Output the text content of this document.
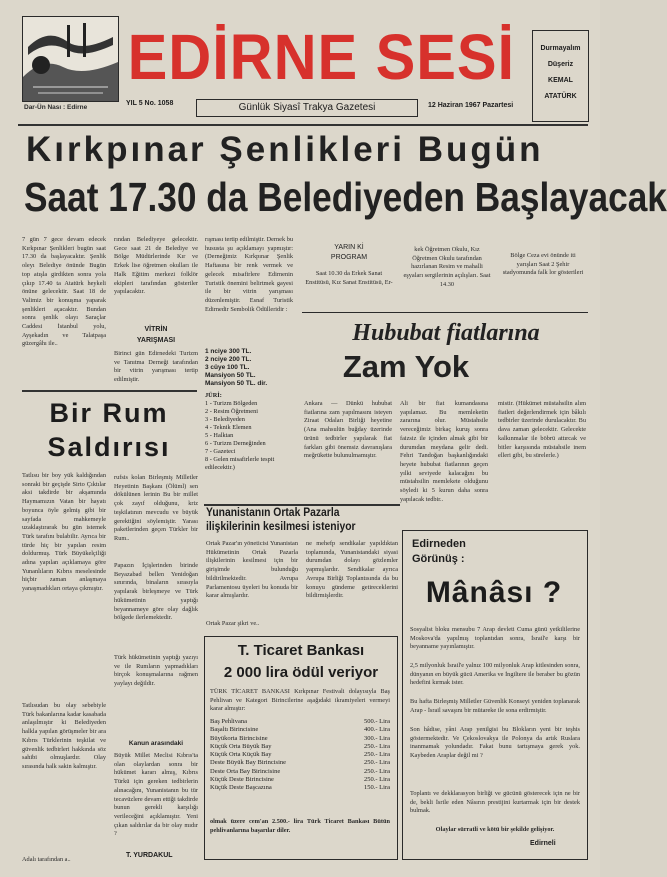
Dar-Ün Nası : Edirne
EDİRNE SESİ	Durmayalım
Düşeriz
KEMAL
ATATÜRK
YIL 5 No. 1058	Günlük Siyasî Trakya Gazetesi	12 Haziran 1967 Pazartesi
Kırkpınar Şenlikleri Bugün
Saat 17.30 da Belediyeden Başlayacak
7 gün 7 gece devam edecek Kırkpınar Şenlikleri bugün saat 17.30 da başlayacaktır. Şenlik oleyı Belediye önünde Bugün top atışla girdikten sonra yola çıkıp 17.40 ta Atatürk heykeli önüne gelecektir. Saat 18 de Valimiz bir konuşma yaparak şenlikleri açacaktır. Bundan sonra şenlik olayı Saraçlar Caddesi İstanbul yolu, Ayşekadın ve Talatpaşa güzergâhı ile..
rından Belediyeye gelecektir. Gece saat 21 de Belediye ve Bölge Müdürlerinde Kır ve Erkek lise öğretmen okulları ile Halk Eğitim merkezi folklör ekipleri tarafından gösteriler yapılacaktır.
VİTRİN
YARIŞMASI
Birinci gün Edirnedeki Turizm ve Tanıtma Derneği tarafından bir vitrin yarışması tertip edilmiştir.
rışması tertip edilmiştir. Dernek bu hususta şu açıklamayı yapmıştır: (Derneğimiz Kırkpınar Şenlik Haftasına bir renk vermek ve gelecek misafirlere Edirnenin Turistik önemini belirtmek gayesi ile bir vitrin yarışması düzenlemiştir. Esnaf Turistik Edirnedir Sembolik Ödülleridir :
1 nciye 300 TL.
2 nciye 200 TL.
3 cüye 100 TL.
Mansiyon 50 TL.
Mansiyon 50 TL. dir.
JÜRİ:
1 - Turizm Bölgeden
2 - Resim Öğretmeni
3 - Belediyeden
4 - Teknik Elemen
5 - Halktan
6 - Turizm Derneğinden
7 - Gazeteci
8 - Gelen misafirlerle tespit edilecektir.)
YARIN Kİ
PROGRAM
Saat 10.30 da Erkek Sanat Enstitüsü, Kız Sanat Enstitüsü, Er-
kek Öğretmen Okulu, Kız Öğretmen Okulu tarafından hazırlanan Resim ve mahalli eşyaları sergilerinin açılışları. Saat 14.30
Bölge Ceza evi önünde iti yarışları Saat 2 Şehir stadyomunda falk lor gösterileri
Hububat fiatlarına
Zam Yok
Ankara — Dünkü hububat fiatlarına zam yapılmasını isteyen Ziraat Odaları Birliği heyetine (Ana mahsulün buğday üzerinde ürünü tedbirler yapılarak fiat farkları gibi önemsiz davranışlara meğrükette bulunulmamıştır.
Ali bir fiat kumandasına yapılamaz. Bu memleketin zararına olur. Müstahsile vereceğimiz birkaç kuruş sonra faizsiz ile içinden almak gibi bir durumdan meydana gelir dedi. Fehri Tandoğan başkanlığındaki heyete hububat fiatlarının geçen yılki seviyede kalacağını bu müstahsilin memlekete olduğunu söyledi ki 5 kurun daha sonra yapılacak tedbir..
mistir. (Hükümet müstahsilin alım fiatleri değerlendirmek için bâkılı tedbirler üzerinde durulacaktır. Bu dava zaman gelecektir. Gelecekte kalkınmalar ile böbrü attırcak ve bitler karşısında müstahsile inem elleri gibi, bu sürelerle.)
Bir Rum
Saldırısı
Tatlısu bir boy yük kaldığından sonraki bir geçişde Sirto Çıktılar aksi takdirde bir akşamında Haymamızın Vatan bir hayatı boyunca öyle gelmiş gibi bir sayfada mahkemeyle uzaklaştırarak bu gün istemek Türk tarafını bulabilir. Ayrıca bir türde hiç bir yapılan resim doldurmuş. Türk Büyükelçiliği adına yapılan açıklamaya göre Yunanlıların Kıbrıs meselesinde hiçbir zaman anlaşmaya yanaşmadıkları ortaya çıkmıştır.
Tatlısudan bu olay sebebiyle Türk bakanlarına kadar kasabada anlaşılmıştır ki Belediyeden halkla yapılan görüşmeler bir ara Kıbrıs Türklerinin teşkilat ve güvenlik tedbirleri hakkında söz sahibi olmuşlardır. Olay sırasında halk sakin kalmıştır.
Adalı tarafından a..
rufsis kolan Birleşmiş Milletler Heyetinin Başkanı (Ölüml) sen dökülünen lerinin Bu bir millet çok zayıf olduğunu, kriz teşkilatının mevcudu ve büyük gerektiğini söylemiştir. Yarası paketlerinden geçen Türkler bir Rum..
Papazın İçişlerinden birinde Beyazabad bellen Yenidoğan sınırında, binaların sırasıyla yapılarak birleşmeye ve Türk hükümetinin yaptığı beyannameye göre olay dağlık bölgede ilerlemektedir.
Türk hükümetinin yaptığı yazıyı ve ile Rumların yapmadıkları birçok konuşmalarına rağmen yaylayı değildir.
Kanun arasındaki
Büyük Millet Meclisi Kıbrıs'ta olan olaylardan sonra bir hükümet kararı almış, Kıbrıs Türkü için gereken tedbirlerin alınacağını, Yunanistanın bu tür tecavüzlere devam ettiği takdirde bunun gerekli karşılığı verileceğini açıklamıştır. Yeni çıkan saldırılar da bir olay mıdır ?
T. YURDAKUL
Yunanistanın Ortak Pazarla ilişkilerinin kesilmesi isteniyor
Ortak Pazar'ın yöneticisi Yunanistan Hükümetinin Ortak Pazarla ilişkilerinin kesilmesi için bir girişimde bulunduğu bildirilmektedir. Avrupa Parlamentosu üyeleri bu konuda bir karar almışlardır.
Ortak Pazar şikri ve..
ne mehefp sendikalar yapıldıktan toplamında, Yunanistandaki siyasi durumdan dolayı gözlemler yapmışlardır. Sendikalar ayrıca Avrupa Birliği Toplantısında da bu konuyu gündeme getireceklerini bildirmişlerdir.
T. Ticaret Bankası
2 000 lira ödül veriyor
TÜRK TİCARET BANKASI Kırkpınar Festivali dolayısıyla Baş Pehlivan ve Kategori Birincilerine aşağıdaki ikramiyeleri vermeyi karar almıştır:
Baş Pehlivana	500.- Lira
Başaltı Birincisine	400.- Lira
Büyükorta Birincisine	300.- Lira
Küçük Orta Büyük Bay	250.- Lira
Küçük Orta Küçük Bay	250.- Lira
Deste Büyük Bay Birincisine	250.- Lira
Deste Orta Bay Birincisine	250.- Lira
Küçük Deste Birincisine	250.- Lira
Küçük Deste Başcazına	150.- Lira
olmak üzere cem'an 2.500.- lira Türk Ticaret Bankası Bütün pehlivanlarına başarılar diler.
Edirneden
Görünüş :
Mânâsı ?
Sosyalist bloku mensubu 7 Arap devleti Cuma günü yetkililerine Moskova'da yapılmış toplantıdan sonra, İsrail'e karşı bir beyanname yayınlamıştır.
2,5 milyonluk İsrail'e yalnız 100 milyonluk Arap kitlesinden sonra, dünyanın en büyük gücü Amerika ve İngiltere ile beraber bu gözün hedefini kırmak ister.
Bu hafta Birleşmiş Milletler Güvenlik Konseyi yeniden toplanarak Arap - İsrail savaşını bir mütareke ile sona erdirmiştir.
Son hâdise, yâni Arap yenilgisi bu Blokların yeni bir teşhis göstermektedir. Ve Çekoslovakya ile Polonya da artık Ruslara inanmamak yolundadır. Fakat bunu tartışmaya gerek yok. Kaybeden Araplar değil mi ?
Toplantı ve dekklarasyon birliği ve gücünü gösterecek için ne bir de, bekli İsrile eden Nâsırın prestijini kurtarmak için bir destek bulmak.
Olaylar sürratli ve kötü bir şekilde gelişiyor.
Edirneli
